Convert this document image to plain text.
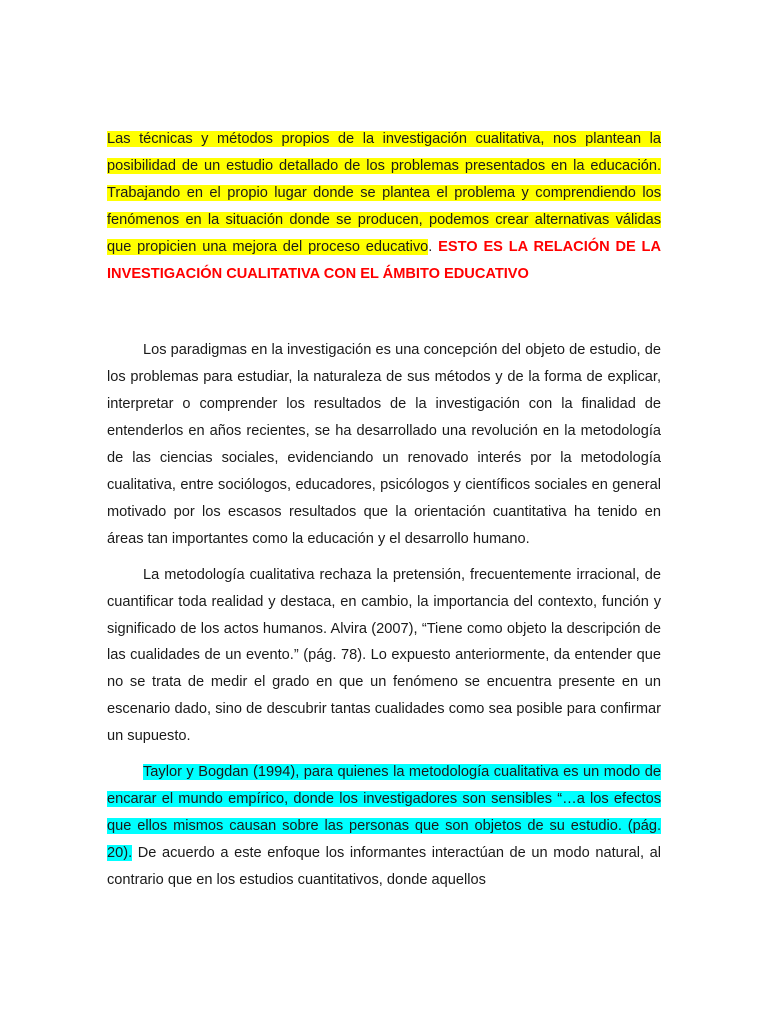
Las técnicas y métodos propios de la investigación cualitativa, nos plantean la posibilidad de un estudio detallado de los problemas presentados en la educación. Trabajando en el propio lugar donde se plantea el problema y comprendiendo los fenómenos en la situación donde se producen, podemos crear alternativas válidas que propicien una mejora del proceso educativo. ESTO ES LA RELACIÓN DE LA INVESTIGACIÓN CUALITATIVA CON EL ÁMBITO EDUCATIVO

Los paradigmas en la investigación es una concepción del objeto de estudio, de los problemas para estudiar, la naturaleza de sus métodos y de la forma de explicar, interpretar o comprender los resultados de la investigación con la finalidad de entenderlos en años recientes, se ha desarrollado una revolución en la metodología de las ciencias sociales, evidenciando un renovado interés por la metodología cualitativa, entre sociólogos, educadores, psicólogos y científicos sociales en general motivado por los escasos resultados que la orientación cuantitativa ha tenido en áreas tan importantes como la educación y el desarrollo humano.

La metodología cualitativa rechaza la pretensión, frecuentemente irracional, de cuantificar toda realidad y destaca, en cambio, la importancia del contexto, función y significado de los actos humanos. Alvira (2007), “Tiene como objeto la descripción de las cualidades de un evento.” (pág. 78). Lo expuesto anteriormente, da entender que no se trata de medir el grado en que un fenómeno se encuentra presente en un escenario dado, sino de descubrir tantas cualidades como sea posible para confirmar un supuesto.

Taylor y Bogdan (1994), para quienes la metodología cualitativa es un modo de encarar el mundo empírico, donde los investigadores son sensibles “…a los efectos que ellos mismos causan sobre las personas que son objetos de su estudio. (pág. 20). De acuerdo a este enfoque los informantes interactúan de un modo natural, al contrario que en los estudios cuantitativos, donde aquellos
